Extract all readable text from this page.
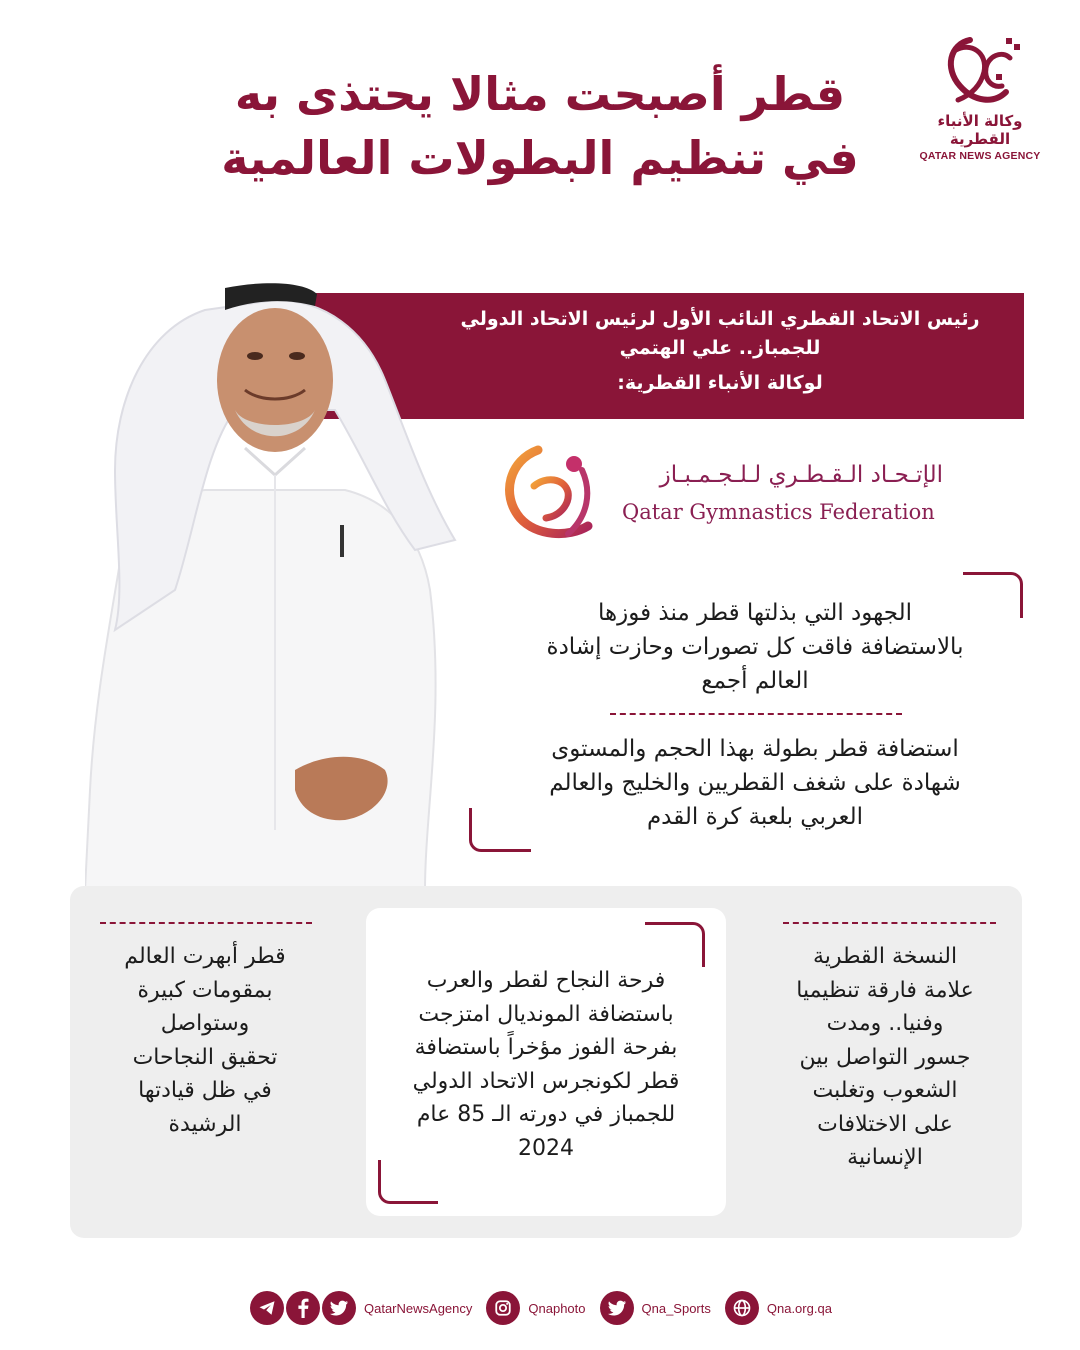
قطر أصبحت مثالا يحتذى به
في تنظيم البطولات العالمية
وكالة الأنباء القطرية
QATAR NEWS AGENCY
رئيس الاتحاد القطري النائب الأول لرئيس الاتحاد الدولي
للجمباز.. علي الهتمي
لوكالة الأنباء القطرية:
الإتـحـاد الـقـطـري لـلـجـمـبـاز
Qatar Gymnastics Federation
الجهود التي بذلتها قطر منذ فوزها
بالاستضافة فاقت كل تصورات وحازت إشادة
العالم أجمع
استضافة قطر بطولة بهذا الحجم والمستوى
شهادة على شغف القطريين والخليج والعالم
العربي بلعبة كرة القدم
قطر أبهرت العالم
بمقومات كبيرة
وستواصل
تحقيق النجاحات
في ظل قيادتها
الرشيدة
فرحة النجاح لقطر والعرب
باستضافة المونديال امتزجت
بفرحة الفوز مؤخراً باستضافة
قطر لكونجرس الاتحاد الدولي
للجمباز في دورته الـ 85 عام
2024
النسخة القطرية
علامة فارقة تنظيميا
وفنيا.. ومدت
جسور التواصل بين
الشعوب وتغلبت
على الاختلافات
الإنسانية
QatarNewsAgency	Qnaphoto	Qna_Sports	Qna.org.qa
